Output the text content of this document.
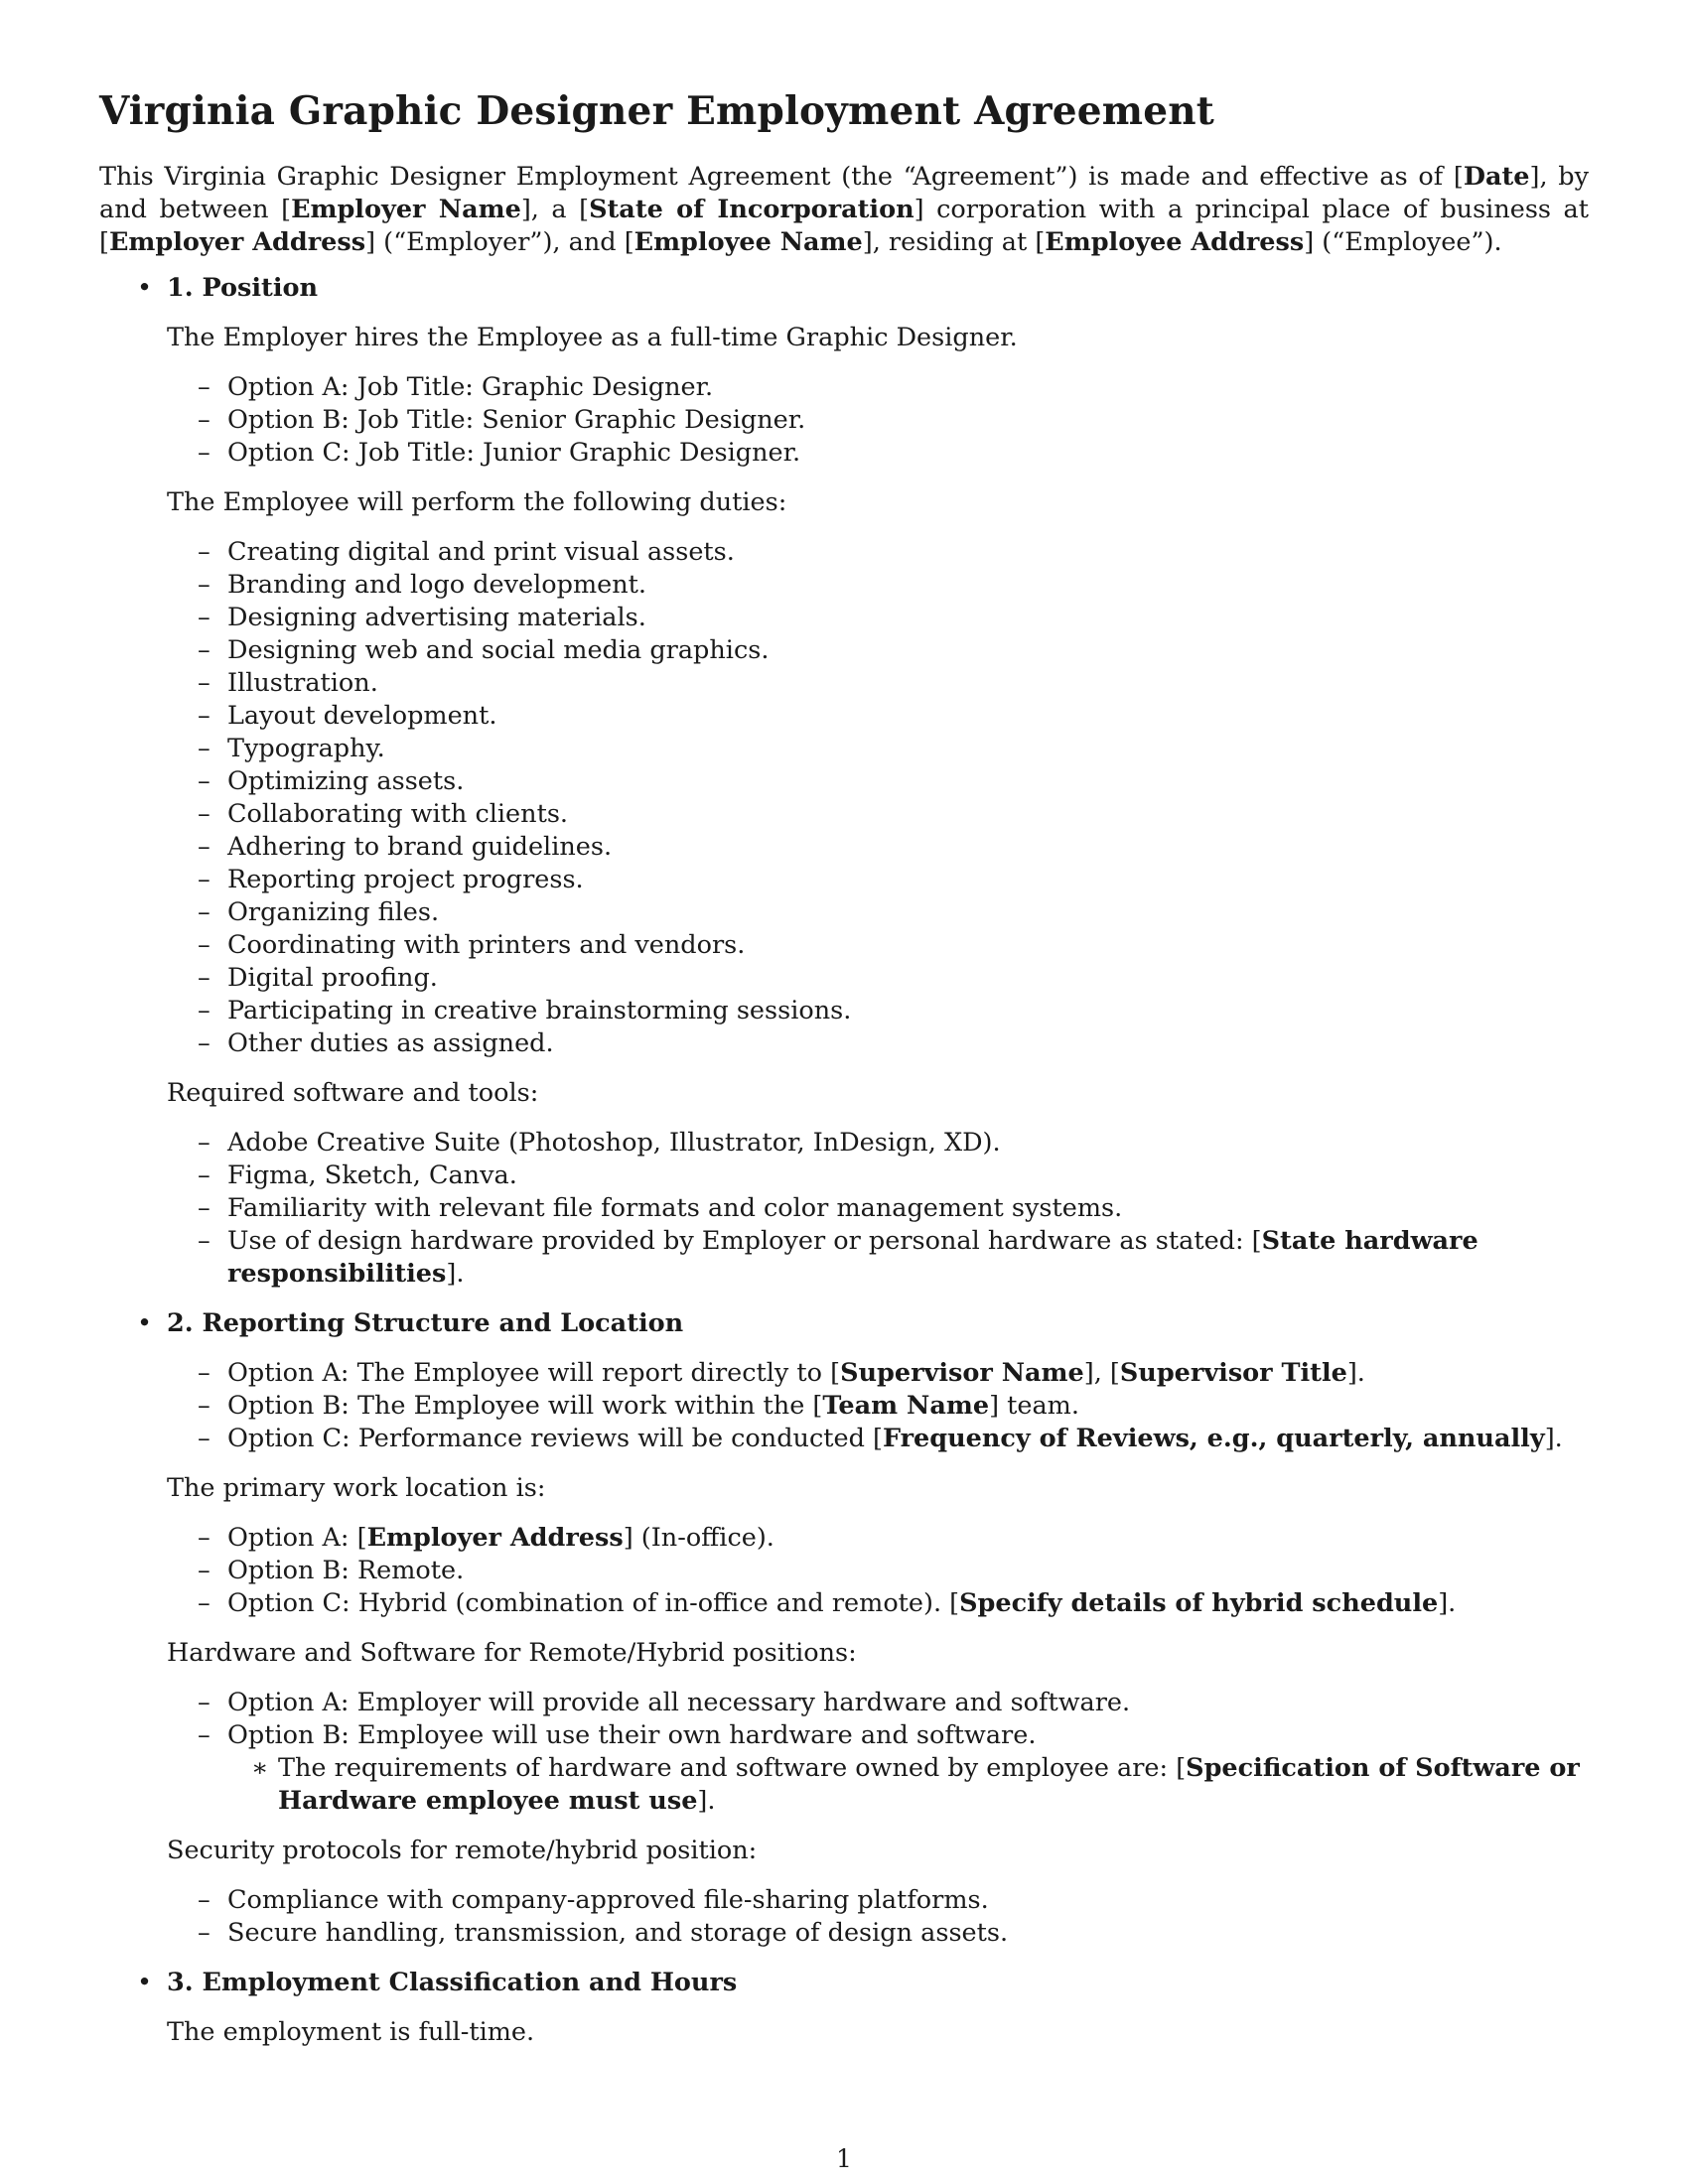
Virginia Graphic Designer Employment Agreement

This Virginia Graphic Designer Employment Agreement (the “Agreement”) is made and effective as of [Date], by and between [Employer Name], a [State of Incorporation] corporation with a principal place of business at [Employer Address] (“Employer”), and [Employee Name], residing at [Employee Address] (“Employee”).

• 1. Position
The Employer hires the Employee as a full-time Graphic Designer.
– Option A: Job Title: Graphic Designer.
– Option B: Job Title: Senior Graphic Designer.
– Option C: Job Title: Junior Graphic Designer.
The Employee will perform the following duties:
– Creating digital and print visual assets.
– Branding and logo development.
– Designing advertising materials.
– Designing web and social media graphics.
– Illustration.
– Layout development.
– Typography.
– Optimizing assets.
– Collaborating with clients.
– Adhering to brand guidelines.
– Reporting project progress.
– Organizing files.
– Coordinating with printers and vendors.
– Digital proofing.
– Participating in creative brainstorming sessions.
– Other duties as assigned.
Required software and tools:
– Adobe Creative Suite (Photoshop, Illustrator, InDesign, XD).
– Figma, Sketch, Canva.
– Familiarity with relevant file formats and color management systems.
– Use of design hardware provided by Employer or personal hardware as stated: [State hardware responsibilities].
• 2. Reporting Structure and Location
– Option A: The Employee will report directly to [Supervisor Name], [Supervisor Title].
– Option B: The Employee will work within the [Team Name] team.
– Option C: Performance reviews will be conducted [Frequency of Reviews, e.g., quarterly, annually].
The primary work location is:
– Option A: [Employer Address] (In-office).
– Option B: Remote.
– Option C: Hybrid (combination of in-office and remote). [Specify details of hybrid schedule].
Hardware and Software for Remote/Hybrid positions:
– Option A: Employer will provide all necessary hardware and software.
– Option B: Employee will use their own hardware and software.
∗ The requirements of hardware and software owned by employee are: [Specification of Software or Hardware employee must use].
Security protocols for remote/hybrid position:
– Compliance with company-approved file-sharing platforms.
– Secure handling, transmission, and storage of design assets.
• 3. Employment Classification and Hours
The employment is full-time.
1
